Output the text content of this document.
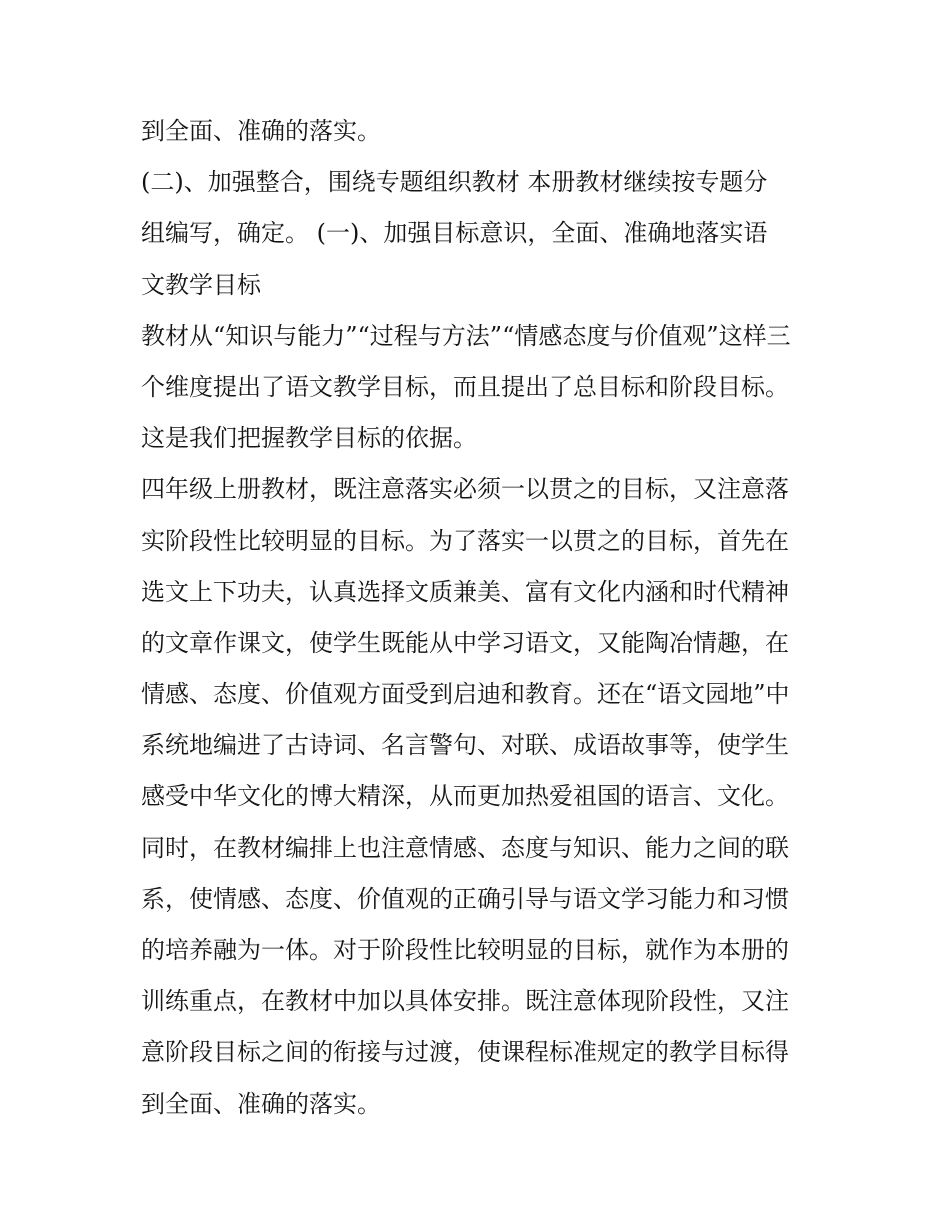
到全面、准确的落实。
(二)、加强整合，围绕专题组织教材 本册教材继续按专题分
组编写，确定。 (一)、加强目标意识，全面、准确地落实语
文教学目标
教材从“知识与能力”“过程与方法”“情感态度与价值观”这样三
个维度提出了语文教学目标，而且提出了总目标和阶段目标。
这是我们把握教学目标的依据。
四年级上册教材，既注意落实必须一以贯之的目标，又注意落
实阶段性比较明显的目标。为了落实一以贯之的目标，首先在
选文上下功夫，认真选择文质兼美、富有文化内涵和时代精神
的文章作课文，使学生既能从中学习语文，又能陶冶情趣，在
情感、态度、价值观方面受到启迪和教育。还在“语文园地”中
系统地编进了古诗词、名言警句、对联、成语故事等，使学生
感受中华文化的博大精深，从而更加热爱祖国的语言、文化。
同时，在教材编排上也注意情感、态度与知识、能力之间的联
系，使情感、态度、价值观的正确引导与语文学习能力和习惯
的培养融为一体。对于阶段性比较明显的目标，就作为本册的
训练重点，在教材中加以具体安排。既注意体现阶段性，又注
意阶段目标之间的衔接与过渡，使课程标准规定的教学目标得
到全面、准确的落实。
